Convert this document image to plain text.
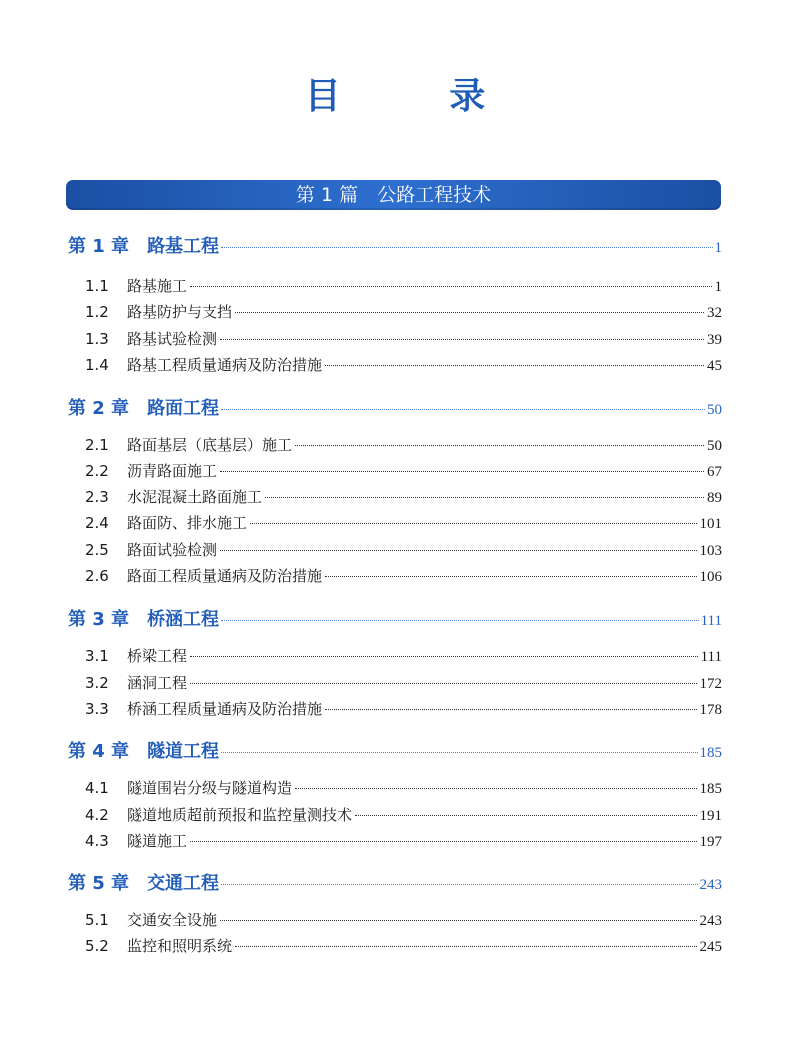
目 录
第 1 篇　公路工程技术
第 1 章 路基工程	1
1.1	路基施工	1
1.2	路基防护与支挡	32
1.3	路基试验检测	39
1.4	路基工程质量通病及防治措施	45
第 2 章 路面工程	50
2.1	路面基层（底基层）施工	50
2.2	沥青路面施工	67
2.3	水泥混凝土路面施工	89
2.4	路面防、排水施工	101
2.5	路面试验检测	103
2.6	路面工程质量通病及防治措施	106
第 3 章 桥涵工程	111
3.1	桥梁工程	111
3.2	涵洞工程	172
3.3	桥涵工程质量通病及防治措施	178
第 4 章 隧道工程	185
4.1	隧道围岩分级与隧道构造	185
4.2	隧道地质超前预报和监控量测技术	191
4.3	隧道施工	197
第 5 章 交通工程	243
5.1	交通安全设施	243
5.2	监控和照明系统	245
